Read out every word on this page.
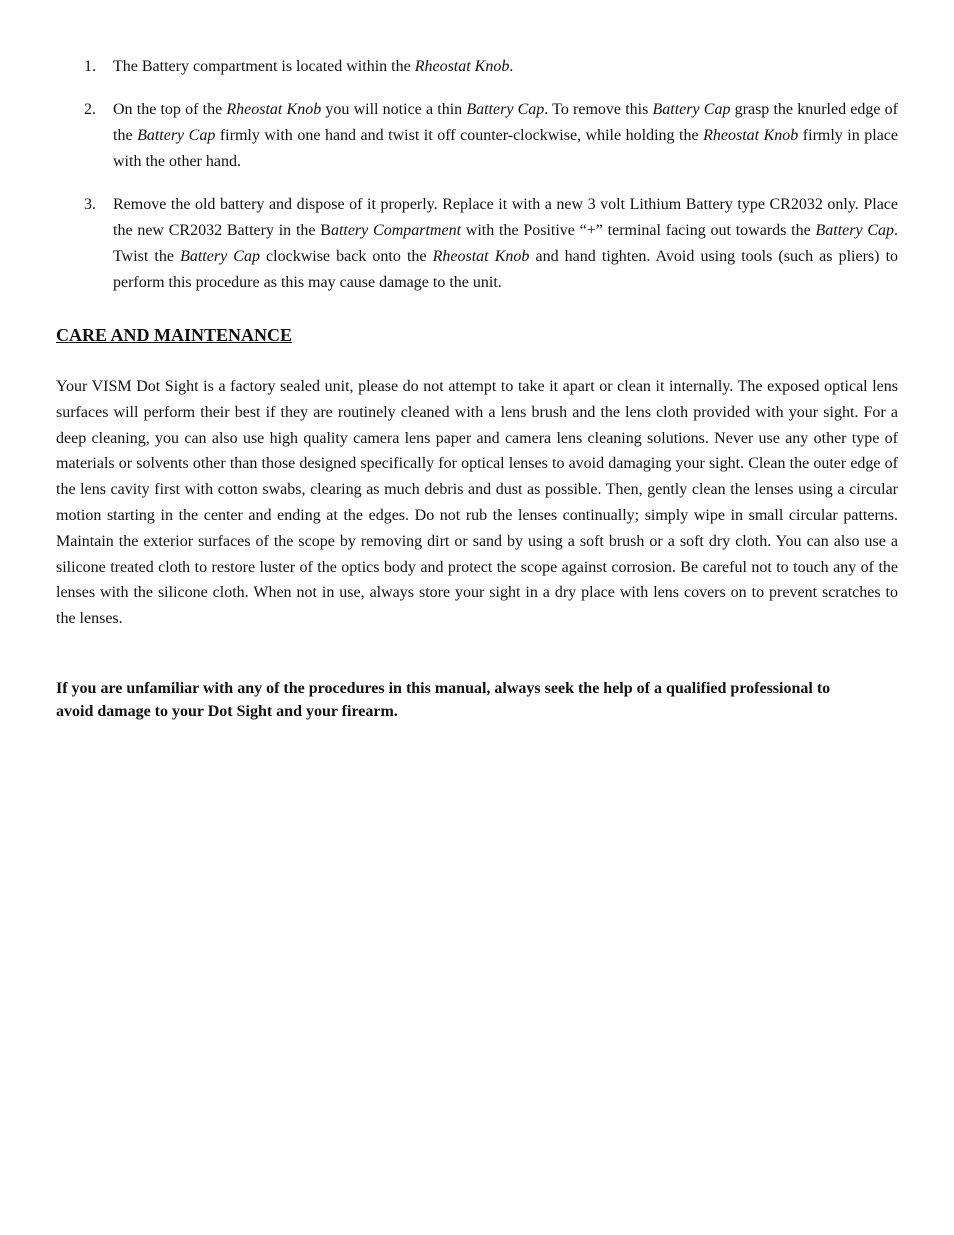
1. The Battery compartment is located within the Rheostat Knob.
2. On the top of the Rheostat Knob you will notice a thin Battery Cap. To remove this Battery Cap grasp the knurled edge of the Battery Cap firmly with one hand and twist it off counter-clockwise, while holding the Rheostat Knob firmly in place with the other hand.
3. Remove the old battery and dispose of it properly. Replace it with a new 3 volt Lithium Battery type CR2032 only. Place the new CR2032 Battery in the Battery Compartment with the Positive “+” terminal facing out towards the Battery Cap. Twist the Battery Cap clockwise back onto the Rheostat Knob and hand tighten. Avoid using tools (such as pliers) to perform this procedure as this may cause damage to the unit.
CARE AND MAINTENANCE

Your VISM Dot Sight is a factory sealed unit, please do not attempt to take it apart or clean it internally. The exposed optical lens surfaces will perform their best if they are routinely cleaned with a lens brush and the lens cloth provided with your sight. For a deep cleaning, you can also use high quality camera lens paper and camera lens cleaning solutions. Never use any other type of materials or solvents other than those designed specifically for optical lenses to avoid damaging your sight. Clean the outer edge of the lens cavity first with cotton swabs, clearing as much debris and dust as possible. Then, gently clean the lenses using a circular motion starting in the center and ending at the edges. Do not rub the lenses continually; simply wipe in small circular patterns. Maintain the exterior surfaces of the scope by removing dirt or sand by using a soft brush or a soft dry cloth. You can also use a silicone treated cloth to restore luster of the optics body and protect the scope against corrosion. Be careful not to touch any of the lenses with the silicone cloth. When not in use, always store your sight in a dry place with lens covers on to prevent scratches to the lenses.

If you are unfamiliar with any of the procedures in this manual, always seek the help of a qualified professional to avoid damage to your Dot Sight and your firearm.
